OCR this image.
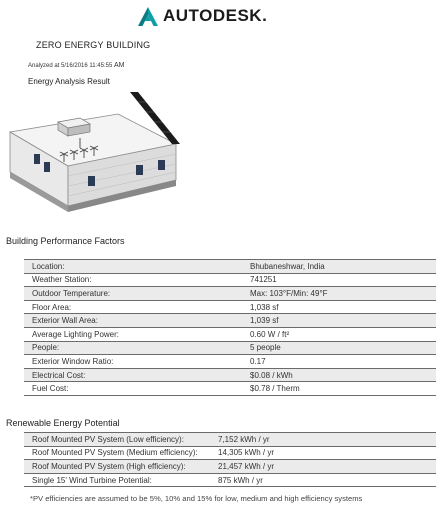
AUTODESK.
ZERO ENERGY BUILDING
Analyzed at 5/16/2016 11:45:55 AM
Energy Analysis Result
Building Performance Factors
Location:	Bhubaneshwar, India
Weather Station:	741251
Outdoor Temperature:	Max: 103°F/Min: 49°F
Floor Area:	1,038 sf
Exterior Wall Area:	1,039 sf
Average Lighting Power:	0.60 W / ft²
People:	5 people
Exterior Window Ratio:	0.17
Electrical Cost:	$0.08 / kWh
Fuel Cost:	$0.78 / Therm
Renewable Energy Potential
Roof Mounted PV System (Low efficiency):	7,152 kWh / yr
Roof Mounted PV System (Medium efficiency):	14,305 kWh / yr
Roof Mounted PV System (High efficiency):	21,457 kWh / yr
Single 15' Wind Turbine Potential:	875 kWh / yr
*PV efficiencies are assumed to be 5%, 10% and 15% for low, medium and high efficiency systems
